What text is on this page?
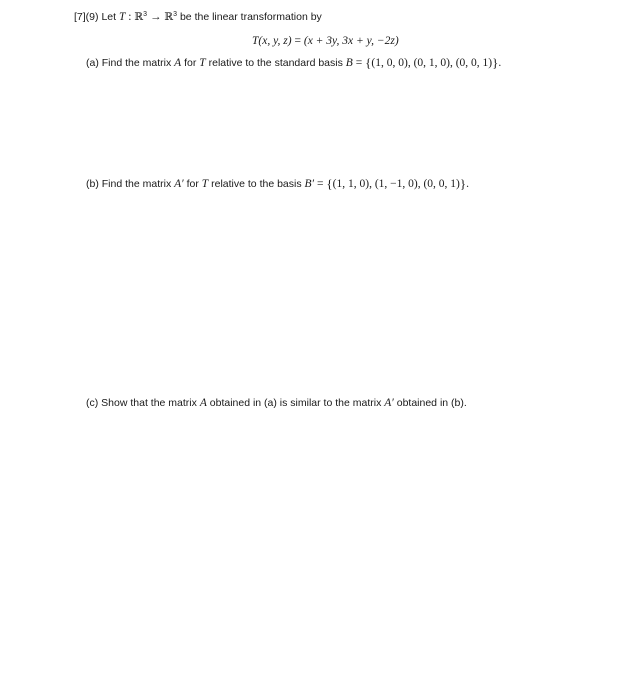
[7](9) Let T : ℝ$^3$ → ℝ$^3$ be the linear transformation by
T(x, y, z) = (x + 3y, 3x + y, −2z)
(a) Find the matrix A for T relative to the standard basis B = {(1, 0, 0), (0, 1, 0), (0, 0, 1)}.
(b) Find the matrix A′ for T relative to the basis B′ = {(1, 1, 0), (1, −1, 0), (0, 0, 1)}.
(c) Show that the matrix A obtained in (a) is similar to the matrix A′ obtained in (b).
